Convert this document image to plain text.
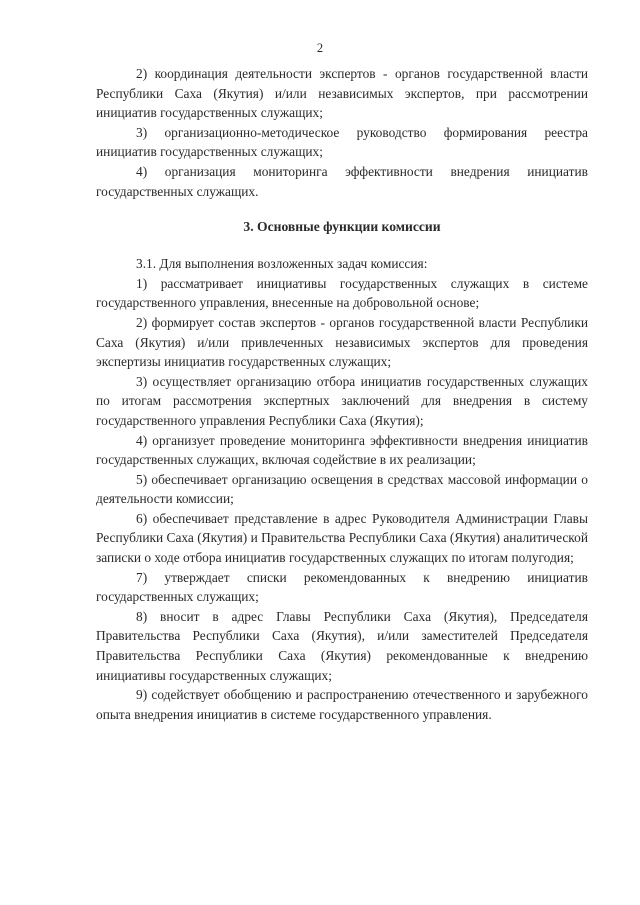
2

2) координация деятельности экспертов - органов государственной власти Республики Саха (Якутия) и/или независимых экспертов, при рассмотрении инициатив государственных служащих;

3) организационно-методическое руководство формирования реестра инициатив государственных служащих;

4) организация мониторинга эффективности внедрения инициатив государственных служащих.

3. Основные функции комиссии

3.1. Для выполнения возложенных задач комиссия:

1) рассматривает инициативы государственных служащих в системе государственного управления, внесенные на добровольной основе;

2) формирует состав экспертов - органов государственной власти Республики Саха (Якутия) и/или привлеченных независимых экспертов для проведения экспертизы инициатив государственных служащих;

3) осуществляет организацию отбора инициатив государственных служащих по итогам рассмотрения экспертных заключений для внедрения в систему государственного управления Республики Саха (Якутия);

4) организует проведение мониторинга эффективности внедрения инициатив государственных служащих, включая содействие в их реализации;

5) обеспечивает организацию освещения в средствах массовой информации о деятельности комиссии;

6) обеспечивает представление в адрес Руководителя Администрации Главы Республики Саха (Якутия) и Правительства Республики Саха (Якутия) аналитической записки о ходе отбора инициатив государственных служащих по итогам полугодия;

7) утверждает списки рекомендованных к внедрению инициатив государственных служащих;

8) вносит в адрес Главы Республики Саха (Якутия), Председателя Правительства Республики Саха (Якутия), и/или заместителей Председателя Правительства Республики Саха (Якутия) рекомендованные к внедрению инициативы государственных служащих;

9) содействует обобщению и распространению отечественного и зарубежного опыта внедрения инициатив в системе государственного управления.
